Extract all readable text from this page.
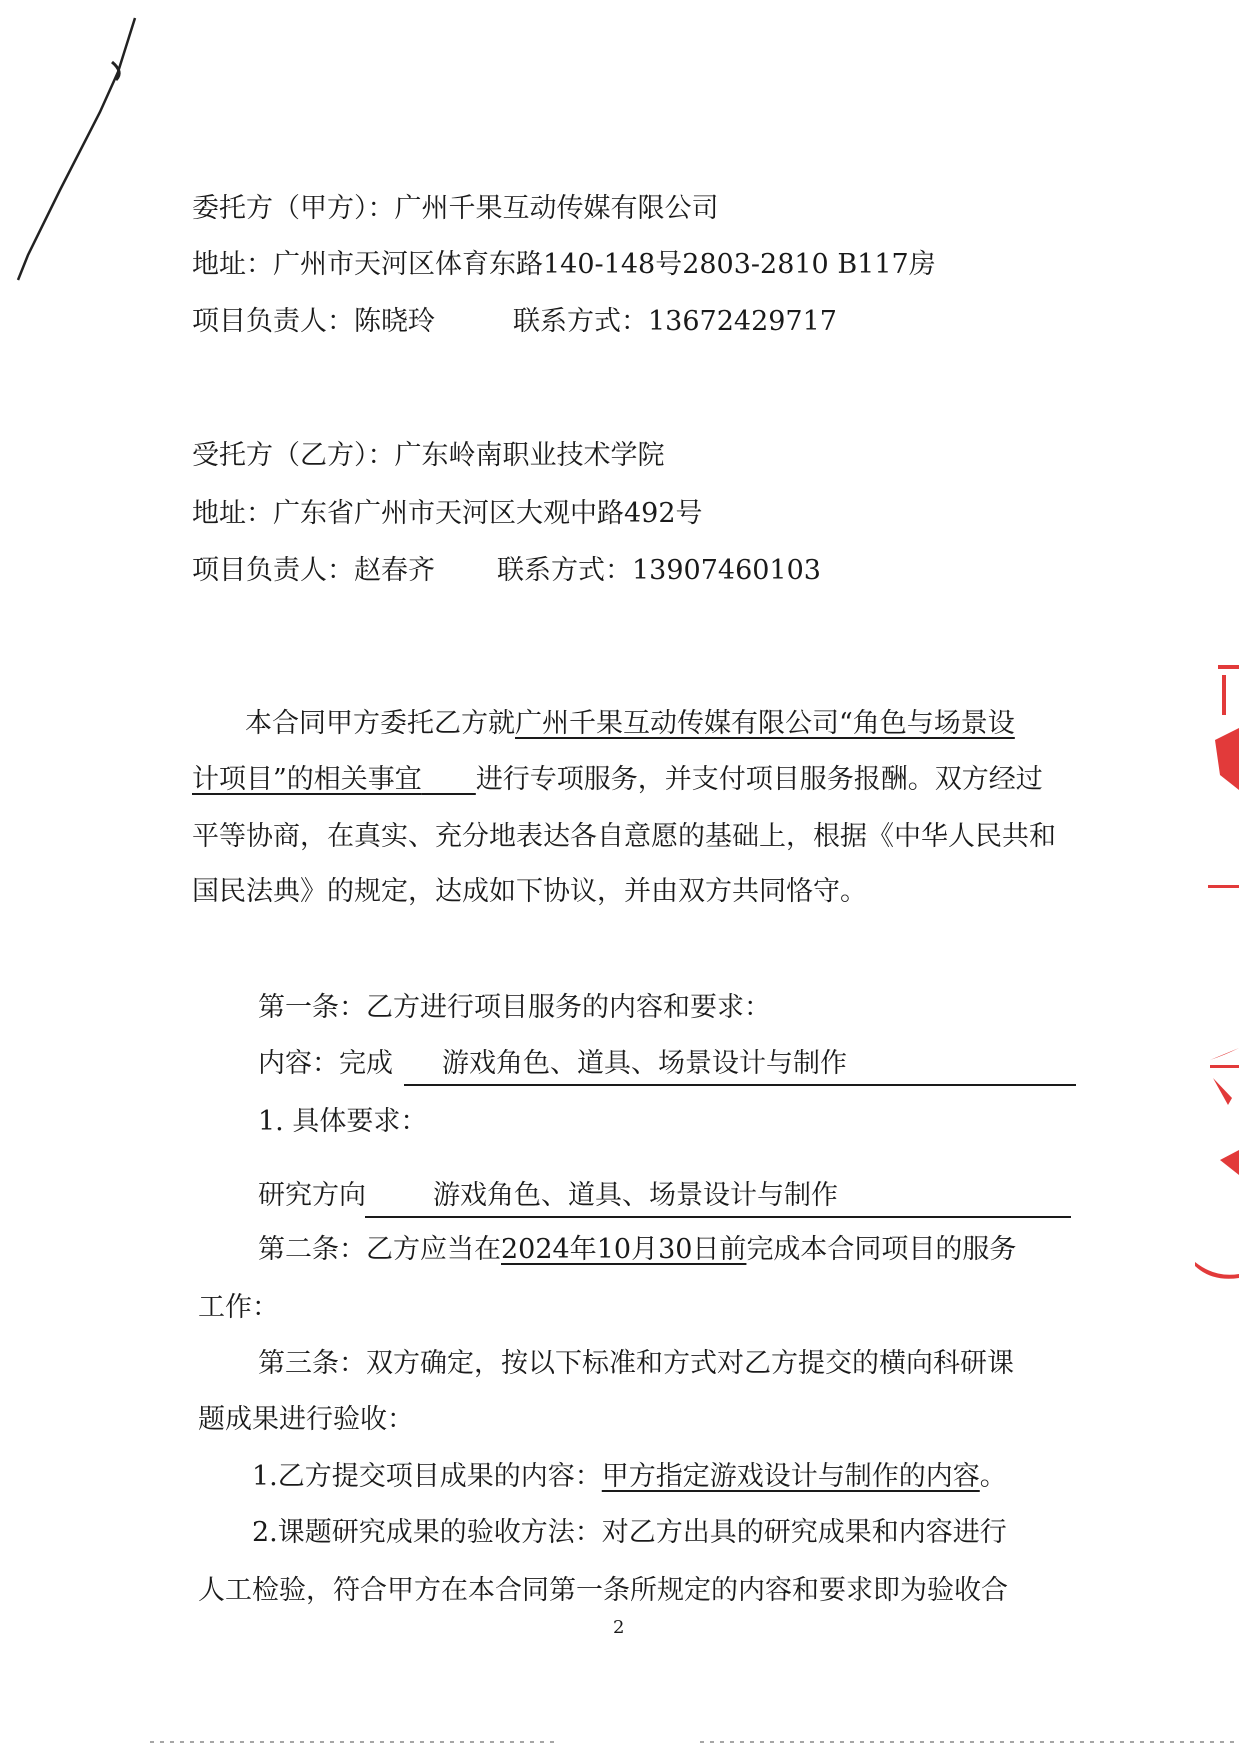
委托方（甲方）：广州千果互动传媒有限公司
地址：广州市天河区体育东路140-148号2803-2810 B117房
项目负责人：陈晓玲	联系方式：13672429717
受托方（乙方）：广东岭南职业技术学院
地址：广东省广州市天河区大观中路492号
项目负责人：赵春齐 联系方式：13907460103
本合同甲方委托乙方就广州千果互动传媒有限公司“角色与场景设
计项目”的相关事宜   进行专项服务，并支付项目服务报酬。双方经过
平等协商，在真实、充分地表达各自意愿的基础上，根据《中华人民共和
国民法典》的规定，达成如下协议，并由双方共同恪守。
第一条：乙方进行项目服务的内容和要求：
内容：完成	游戏角色、道具、场景设计与制作
1. 具体要求：
研究方向	游戏角色、道具、场景设计与制作
第二条：乙方应当在2024年10月30日前完成本合同项目的服务
工作：
第三条：双方确定，按以下标准和方式对乙方提交的横向科研课
题成果进行验收：
1.乙方提交项目成果的内容：甲方指定游戏设计与制作的内容。
2.课题研究成果的验收方法：对乙方出具的研究成果和内容进行
人工检验，符合甲方在本合同第一条所规定的内容和要求即为验收合
2
